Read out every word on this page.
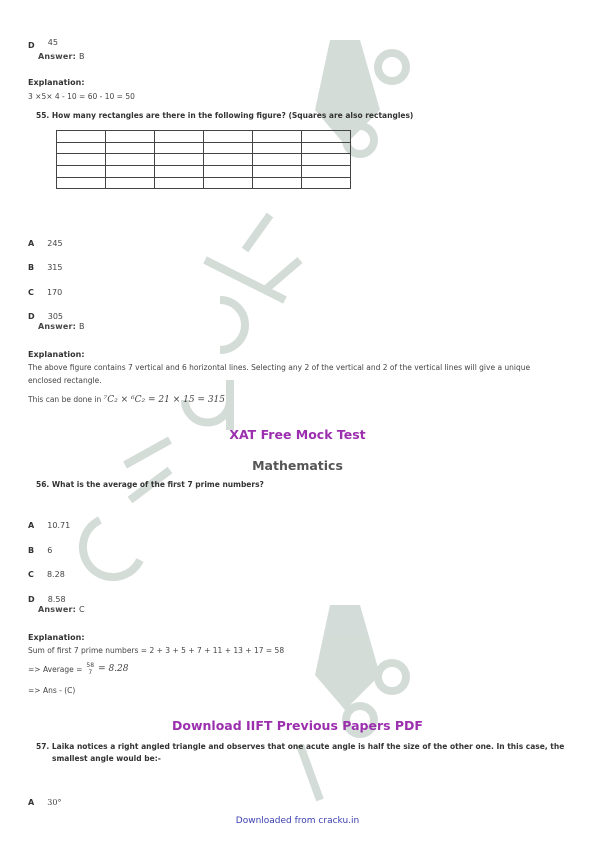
D 45
Answer: B
Explanation:
3 ×5× 4 - 10 = 60 - 10 = 50
55. How many rectangles are there in the following figure? (Squares are also rectangles)

A 245
B 315
C 170
D 305
Answer: B
Explanation:
The above figure contains 7 vertical and 6 horizontal lines. Selecting any 2 of the vertical and 2 of the vertical lines will give a unique
enclosed rectangle.
This can be done in ⁷C₂ × ⁶C₂ = 21 × 15 = 315
XAT Free Mock Test
Mathematics
56. What is the average of the first 7 prime numbers?
A 10.71
B 6
C 8.28
D 8.58
Answer: C
Explanation:
Sum of first 7 prime numbers = 2 + 3 + 5 + 7 + 11 + 13 + 17 = 58
=> Average = 58
7 = 8.28
=> Ans - (C)
Download IIFT Previous Papers PDF
57. Laika notices a right angled triangle and observes that one acute angle is half the size of the other one. In this case, the
smallest angle would be:-
A 30°
Downloaded from cracku.in
